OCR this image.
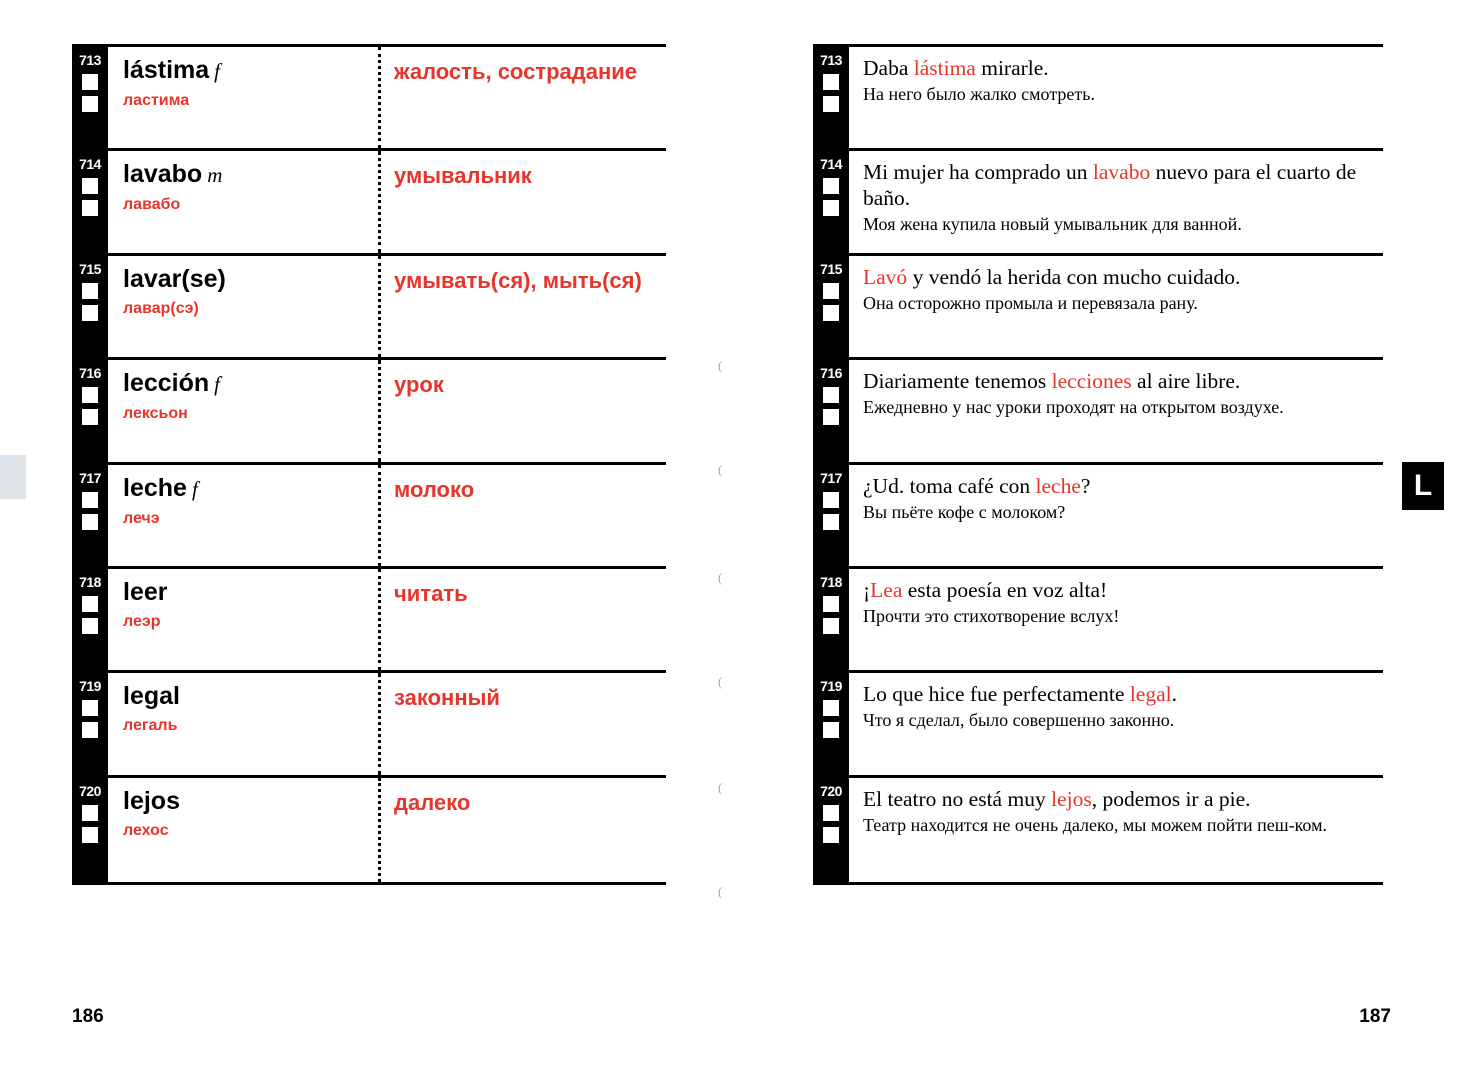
713 lástima f
ластима
жалость, сострадание
714 lavabo m
лавабо
умывальник
715 lavar(se)
лавар(сэ)
умывать(ся), мыть(ся)
716 lección f
лексьон
урок
717 leche f
лечэ
молоко
718 leer
леэр
читать
719 legal
легаль
законный
720 lejos
лехос
далеко
186
713 Daba lástima mirarle.
На него было жалко смотреть.
714 Mi mujer ha comprado un lavabo nuevo para el cuarto de baño.
Моя жена купила новый умывальник для ванной.
715 Lavó y vendó la herida con mucho cuidado.
Она осторожно промыла и перевязала рану.
716 Diariamente tenemos lecciones al aire libre.
Ежедневно у нас уроки проходят на открытом воздухе.
717 ¿Ud. toma café con leche?
Вы пьёте кофе с молоком?
718 ¡Lea esta poesía en voz alta!
Прочти это стихотворение вслух!
719 Lo que hice fue perfectamente legal.
Что я сделал, было совершенно законно.
720 El teatro no está muy lejos, podemos ir a pie.
Театр находится не очень далеко, мы можем пойти пеш-ком.
187
L
(
(
(
(
(
(
